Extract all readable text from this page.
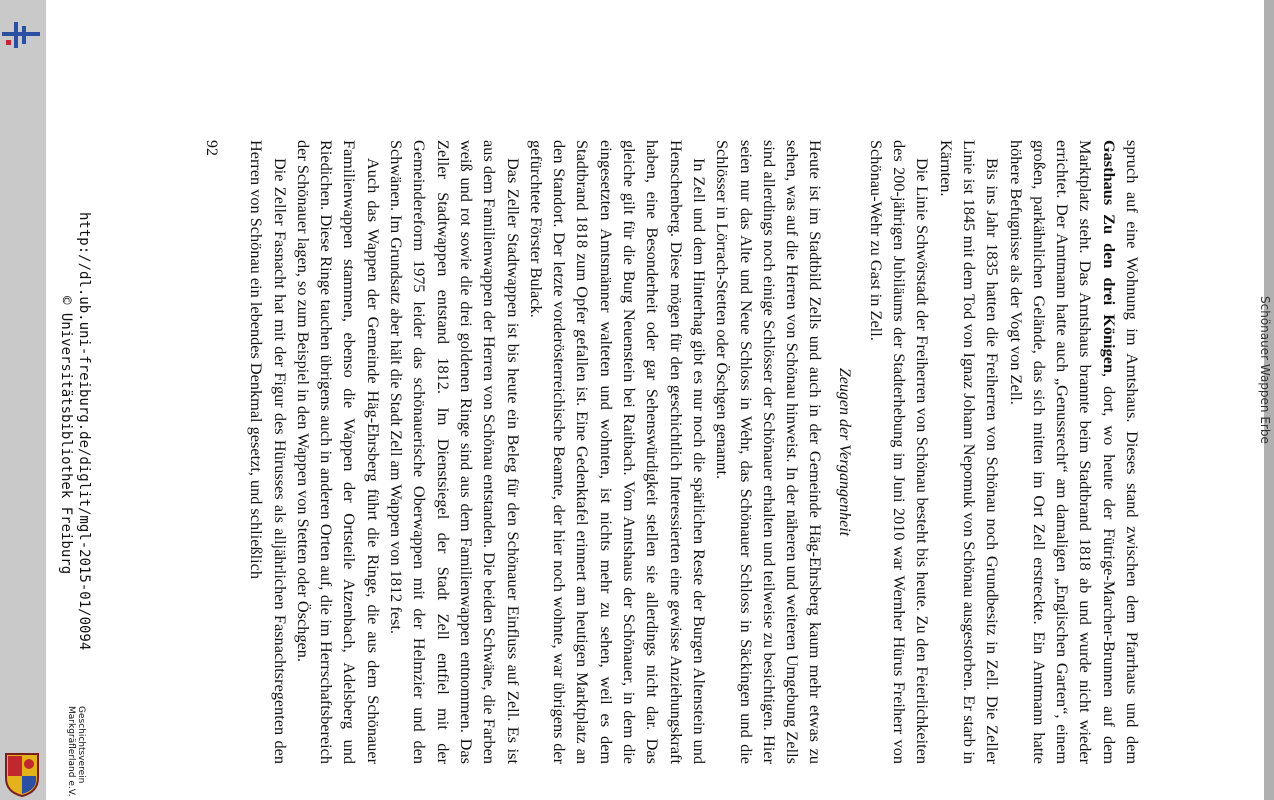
Schönauer Wappen Erbe

spruch auf eine Wohnung im Amtshaus. Dieses stand zwischen dem Pfarrhaus und dem Gasthaus Zu den drei Königen, dort, wo heute der Fütrige-Marcher-Brunnen auf dem Marktplatz steht. Das Amtshaus brannte beim Stadtbrand 1818 ab und wurde nicht wieder errichtet. Der Amtmann hatte auch „Genussrecht“ am damaligen „Englischen Garten“, einem großen, parkähnlichen Gelände, das sich mitten im Ort Zell erstreckte. Ein Amtmann hatte höhere Befugnisse als der Vogt von Zell.

Bis ins Jahr 1835 hatten die Freiherren von Schönau noch Grundbesitz in Zell. Die Zeller Linie ist 1845 mit dem Tod von Ignaz Johann Nepomuk von Schönau ausgestorben. Er starb in Kärnten.

Die Linie Schwörstadt der Freiherren von Schönau besteht bis heute. Zu den Feierlichkeiten des 200-jährigen Jubiläums der Stadterhebung im Juni 2010 war Wernher Hürus Freiherr von Schönau-Wehr zu Gast in Zell.

Zeugen der Vergangenheit

Heute ist im Stadtbild Zells und auch in der Gemeinde Häg-Ehrsberg kaum mehr etwas zu sehen, was auf die Herren von Schönau hinweist. In der näheren und weiteren Umgebung Zells sind allerdings noch einige Schlösser der Schönauer erhalten und teilweise zu besichtigen. Hier seien nur das Alte und Neue Schloss in Wehr, das Schönauer Schloss in Säckingen und die Schlösser in Lörrach-Stetten oder Öschgen genannt.

In Zell und dem Hinterhag gibt es nur noch die spärlichen Reste der Burgen Altenstein und Henschenberg. Diese mögen für den geschichtlich Interessierten eine gewisse Anziehungskraft haben, eine Besonderheit oder gar Sehenswürdigkeit stellen sie allerdings nicht dar. Das gleiche gilt für die Burg Neuenstein bei Raitbach. Vom Amtshaus der Schönauer, in dem die eingesetzten Amtsmänner walteten und wohnten, ist nichts mehr zu sehen, weil es dem Stadtbrand 1818 zum Opfer gefallen ist. Eine Gedenktafel erinnert am heutigen Marktplatz an den Standort. Der letzte vorderösterreichische Beamte, der hier noch wohnte, war übrigens der gefürchtete Förster Bulack.

Das Zeller Stadtwappen ist bis heute ein Beleg für den Schönauer Einfluss auf Zell. Es ist aus dem Familienwappen der Herren von Schönau entstanden. Die beiden Schwäne, die Farben weiß und rot sowie die drei goldenen Ringe sind aus dem Familienwappen entnommen. Das Zeller Stadtwappen entstand 1812. Im Dienstsiegel der Stadt Zell entfiel mit der Gemeindereform 1975 leider das schönauerische Oberwappen mit der Helmzier und den Schwänen. Im Grundsatz aber hält die Stadt Zell am Wappen von 1812 fest.

Auch das Wappen der Gemeinde Häg-Ehrsberg führt die Ringe, die aus dem Schönauer Familienwappen stammen, ebenso die Wappen der Ortsteile Atzenbach, Adelsberg und Riedichen. Diese Ringe tauchen übrigens auch in anderen Orten auf, die im Herrschaftsbereich der Schönauer lagen, so zum Beispiel in den Wappen von Stetten oder Öschgen.

Die Zeller Fasnacht hat mit der Figur des Hürusses als alljährlichen Fasnachtsregenten den Herren von Schönau ein lebendes Denkmal gesetzt, und schließlich

92
http://dl.ub.uni-freiburg.de/diglit/mgl-2015-01/0094
© Universitätsbibliothek Freiburg
Geschichtsverein Markgräflerland e.V.
